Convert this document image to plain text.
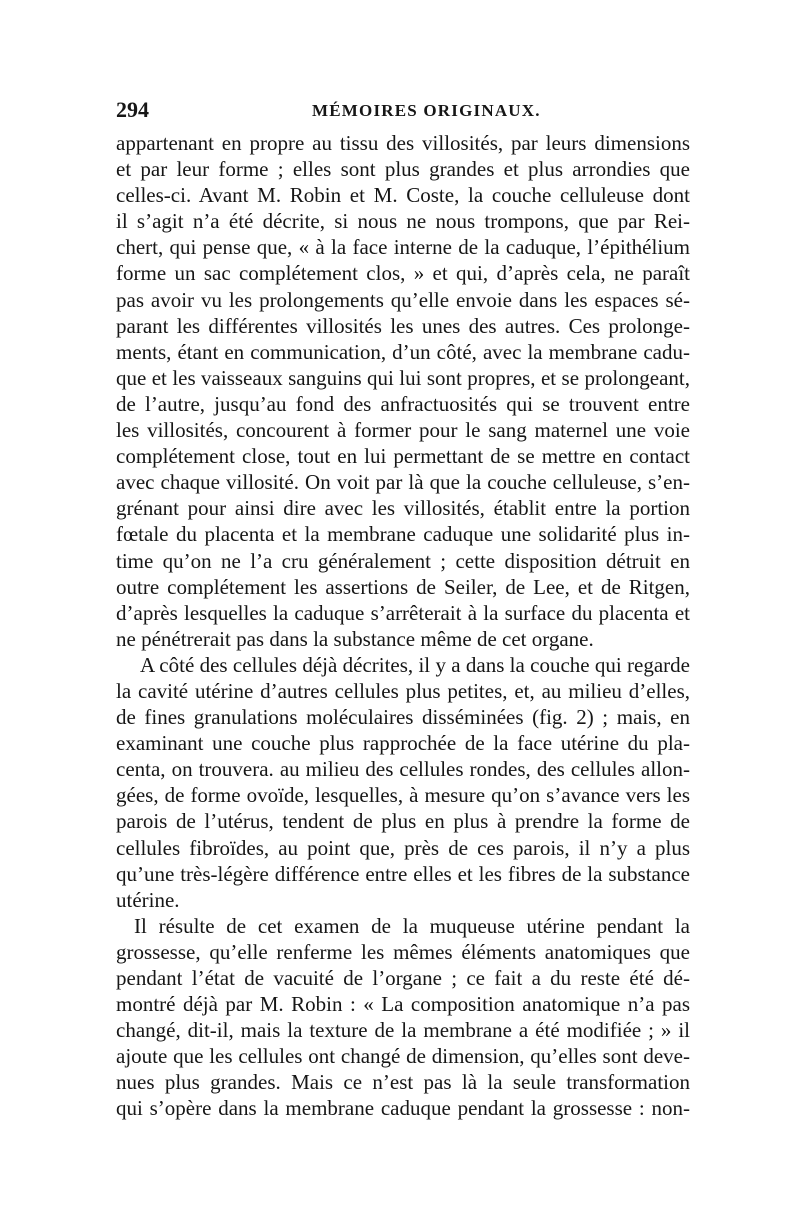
294	MÉMOIRES ORIGINAUX.
appartenant en propre au tissu des villosités, par leurs dimensions
et par leur forme ; elles sont plus grandes et plus arrondies que
celles-ci. Avant M. Robin et M. Coste, la couche celluleuse dont
il s’agit n’a été décrite, si nous ne nous trompons, que par Rei-
chert, qui pense que, « à la face interne de la caduque, l’épithélium
forme un sac complétement clos, » et qui, d’après cela, ne paraît
pas avoir vu les prolongements qu’elle envoie dans les espaces sé-
parant les différentes villosités les unes des autres. Ces prolonge-
ments, étant en communication, d’un côté, avec la membrane cadu-
que et les vaisseaux sanguins qui lui sont propres, et se prolongeant,
de l’autre, jusqu’au fond des anfractuosités qui se trouvent entre
les villosités, concourent à former pour le sang maternel une voie
complétement close, tout en lui permettant de se mettre en contact
avec chaque villosité. On voit par là que la couche celluleuse, s’en-
grénant pour ainsi dire avec les villosités, établit entre la portion
fœtale du placenta et la membrane caduque une solidarité plus in-
time qu’on ne l’a cru généralement ; cette disposition détruit en
outre complétement les assertions de Seiler, de Lee, et de Ritgen,
d’après lesquelles la caduque s’arrêterait à la surface du placenta et
ne pénétrerait pas dans la substance même de cet organe.
A côté des cellules déjà décrites, il y a dans la couche qui regarde
la cavité utérine d’autres cellules plus petites, et, au milieu d’elles,
de fines granulations moléculaires disséminées (fig. 2) ; mais, en
examinant une couche plus rapprochée de la face utérine du pla-
centa, on trouvera. au milieu des cellules rondes, des cellules allon-
gées, de forme ovoïde, lesquelles, à mesure qu’on s’avance vers les
parois de l’utérus, tendent de plus en plus à prendre la forme de
cellules fibroïdes, au point que, près de ces parois, il n’y a plus
qu’une très-légère différence entre elles et les fibres de la substance
utérine.
Il résulte de cet examen de la muqueuse utérine pendant la
grossesse, qu’elle renferme les mêmes éléments anatomiques que
pendant l’état de vacuité de l’organe ; ce fait a du reste été dé-
montré déjà par M. Robin : « La composition anatomique n’a pas
changé, dit-il, mais la texture de la membrane a été modifiée ; » il
ajoute que les cellules ont changé de dimension, qu’elles sont deve-
nues plus grandes. Mais ce n’est pas là la seule transformation
qui s’opère dans la membrane caduque pendant la grossesse : non-
